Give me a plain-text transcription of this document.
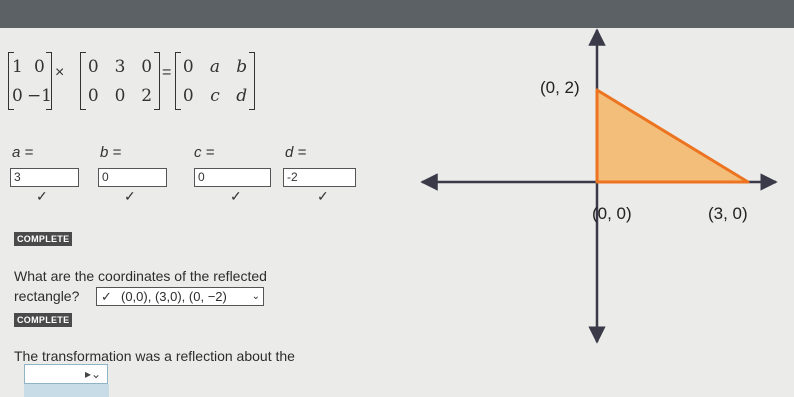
1 0
0 −1
× 0 3 0
0 0 2
= 0 a b
0 c d
a =
3
✓
b =
0
✓
c =
0
✓
d =
-2
✓
COMPLETE
What are the coordinates of the reflected
rectangle? ✓ (0,0), (3,0), (0, −2) ⌄
COMPLETE
The transformation was a reflection about the
▸⌄
(0, 2)
(0, 0)	(3, 0)
